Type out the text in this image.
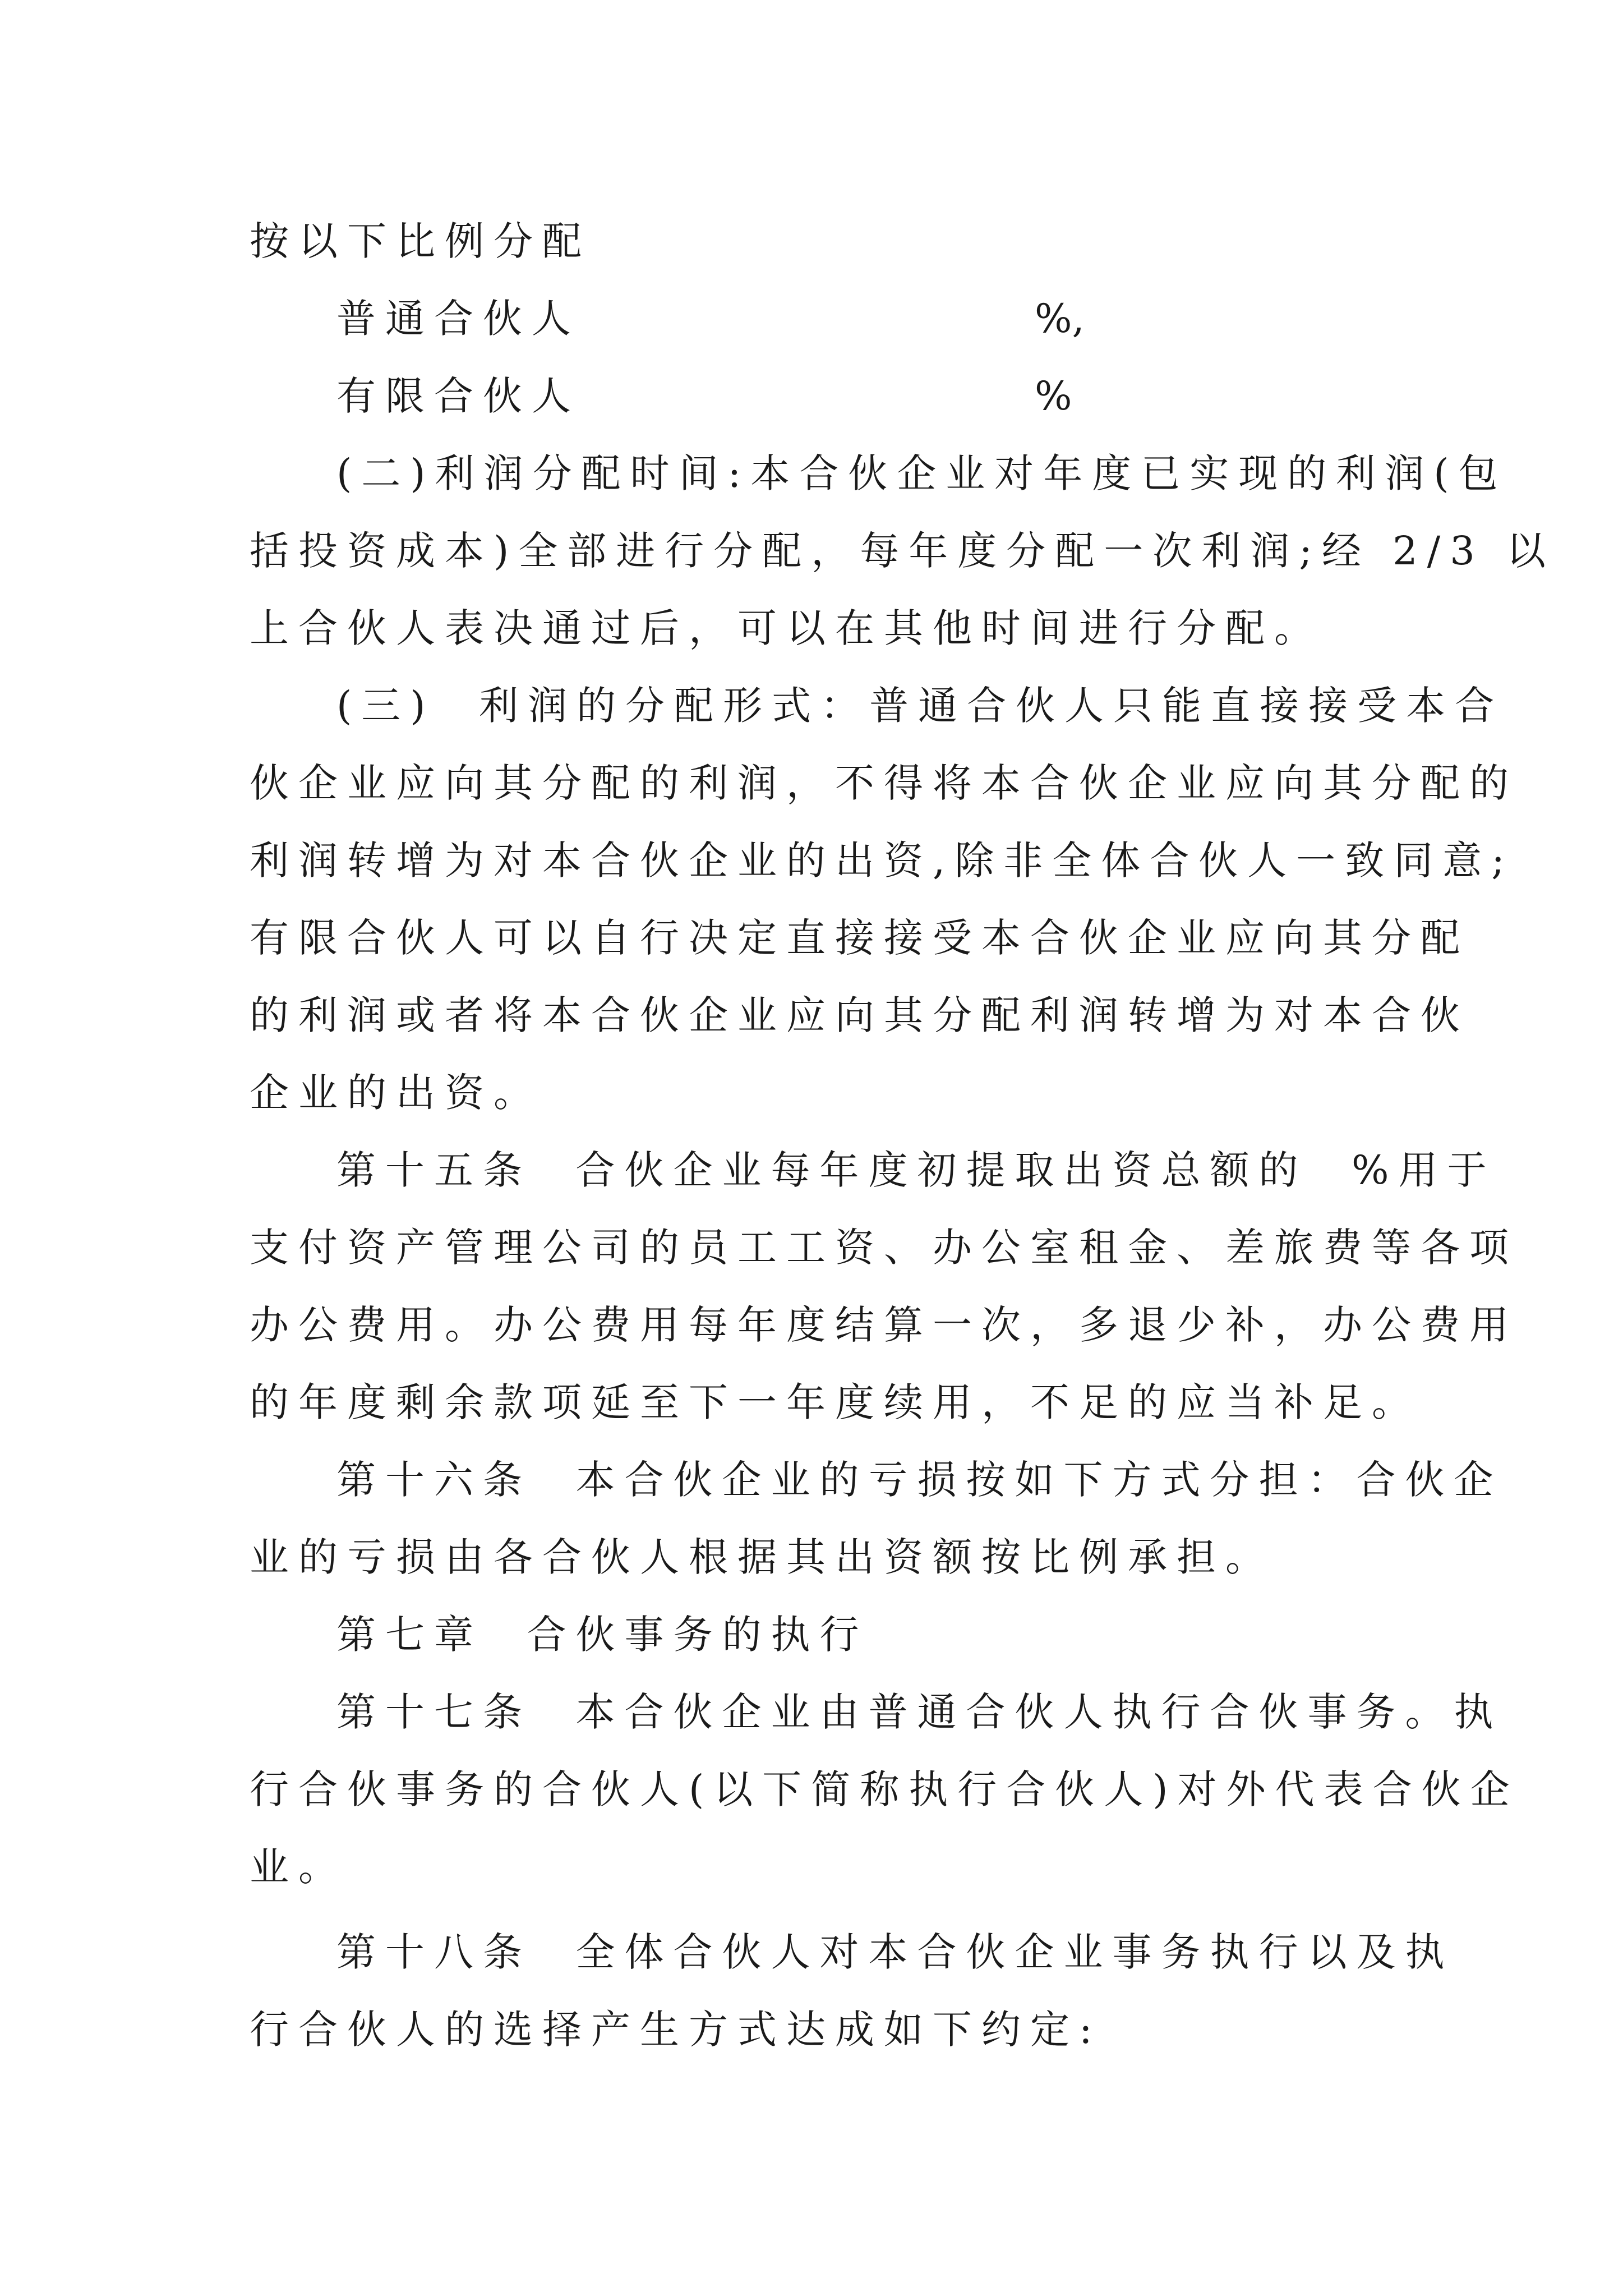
按以下比例分配
普通合伙人	%,
有限合伙人	%
(二)利润分配时间:本合伙企业对年度已实现的利润(包
括投资成本)全部进行分配，每年度分配一次利润;经 2/3 以
上合伙人表决通过后，可以在其他时间进行分配。
(三)  利润的分配形式：普通合伙人只能直接接受本合
伙企业应向其分配的利润，不得将本合伙企业应向其分配的
利润转增为对本合伙企业的出资,除非全体合伙人一致同意;
有限合伙人可以自行决定直接接受本合伙企业应向其分配
的利润或者将本合伙企业应向其分配利润转增为对本合伙
企业的出资。
第十五条  合伙企业每年度初提取出资总额的  %用于
支付资产管理公司的员工工资、办公室租金、差旅费等各项
办公费用。办公费用每年度结算一次，多退少补，办公费用
的年度剩余款项延至下一年度续用，不足的应当补足。
第十六条  本合伙企业的亏损按如下方式分担：合伙企
业的亏损由各合伙人根据其出资额按比例承担。
第七章  合伙事务的执行
第十七条  本合伙企业由普通合伙人执行合伙事务。执
行合伙事务的合伙人(以下简称执行合伙人)对外代表合伙企
业。
第十八条  全体合伙人对本合伙企业事务执行以及执
行合伙人的选择产生方式达成如下约定:
